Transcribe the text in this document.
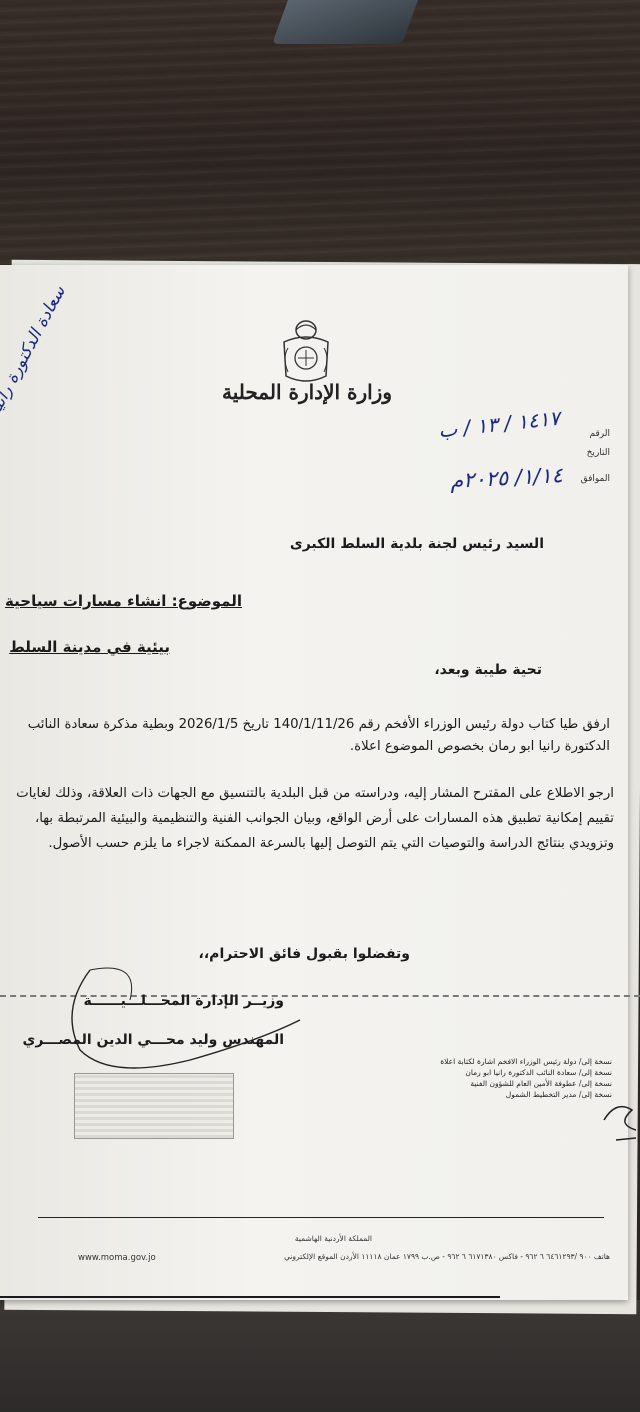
وزارة الإدارة المحلية
الرقم
التاريخ
الموافق
١٤١٧ / ١٣ / ب
١/١٤/ ٢٠٢٥م
السيد رئيس لجنة بلدية السلط الكبرى
الموضوع: انشاء مسارات سياحية
بيئية في مدينة السلط
تحية طيبة وبعد،
ارفق طيا كتاب دولة رئيس الوزراء الأفخم رقم 140/1/11/26 تاريخ 2026/1/5 وبطية مذكرة سعادة النائب الدكتورة رانيا ابو رمان بخصوص الموضوع اعلاة.
ارجو الاطلاع على المقترح المشار إليه، ودراسته من قبل البلدية بالتنسيق مع الجهات ذات العلاقة، وذلك لغايات تقييم إمكانية تطبيق هذه المسارات على أرض الواقع، وبيان الجوانب الفنية والتنظيمية والبيئية المرتبطة بها، وتزويدي بنتائج الدراسة والتوصيات التي يتم التوصل إليها بالسرعة الممكنة لاجراء ما يلزم حسب الأصول.
وتفضلوا بقبول فائق الاحترام،،
وزيــر الإدارة المحـــلـــيــــــة
المهندس وليد محـــي الدين المصـــري
نسخة إلى/ دولة رئيس الوزراء الافخم اشارة لكتابة اعلاة
نسخة إلى/ سعادة النائب الدكتورة رانيا ابو رمان
نسخة إلى/ عطوفة الأمين العام للشؤون الفنية
نسخة إلى/ مدير التخطيط الشمول
المملكة الأردنية الهاشمية
هاتف ٩٠٠ /٦٤٦١٢٩٣ ٦ ٩٦٢ - فاكس ٦١٧١٣٨٠ ٦ ٩٦٢ - ص.ب ١٧٩٩ عمان ١١١١٨ الأردن الموقع الإلكتروني
www.moma.gov.jo
